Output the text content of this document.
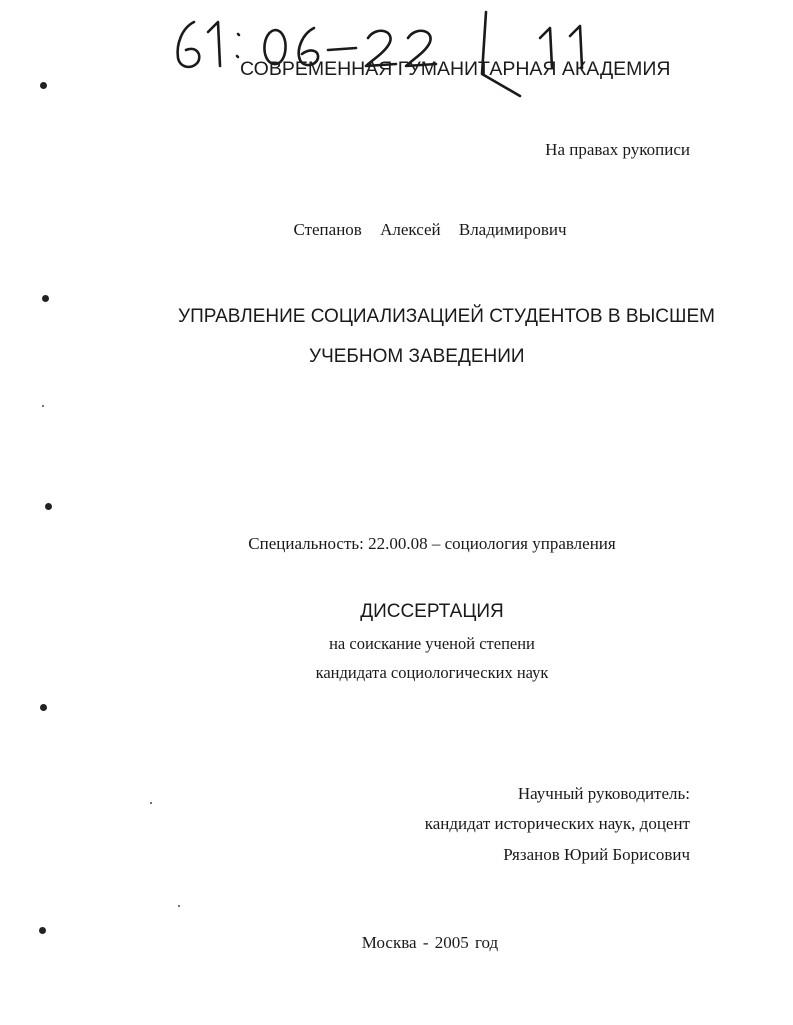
СОВРЕМЕННАЯ ГУМАНИТАРНАЯ АКАДЕМИЯ
На правах рукописи
Степанов Алексей Владимирович
УПРАВЛЕНИЕ СОЦИАЛИЗАЦИЕЙ СТУДЕНТОВ В ВЫСШЕМ
УЧЕБНОМ ЗАВЕДЕНИИ
Специальность: 22.00.08 – социология управления
ДИССЕРТАЦИЯ
на соискание ученой степени
кандидата социологических наук
Научный руководитель:
кандидат исторических наук, доцент
Рязанов Юрий Борисович
Москва - 2005 год
